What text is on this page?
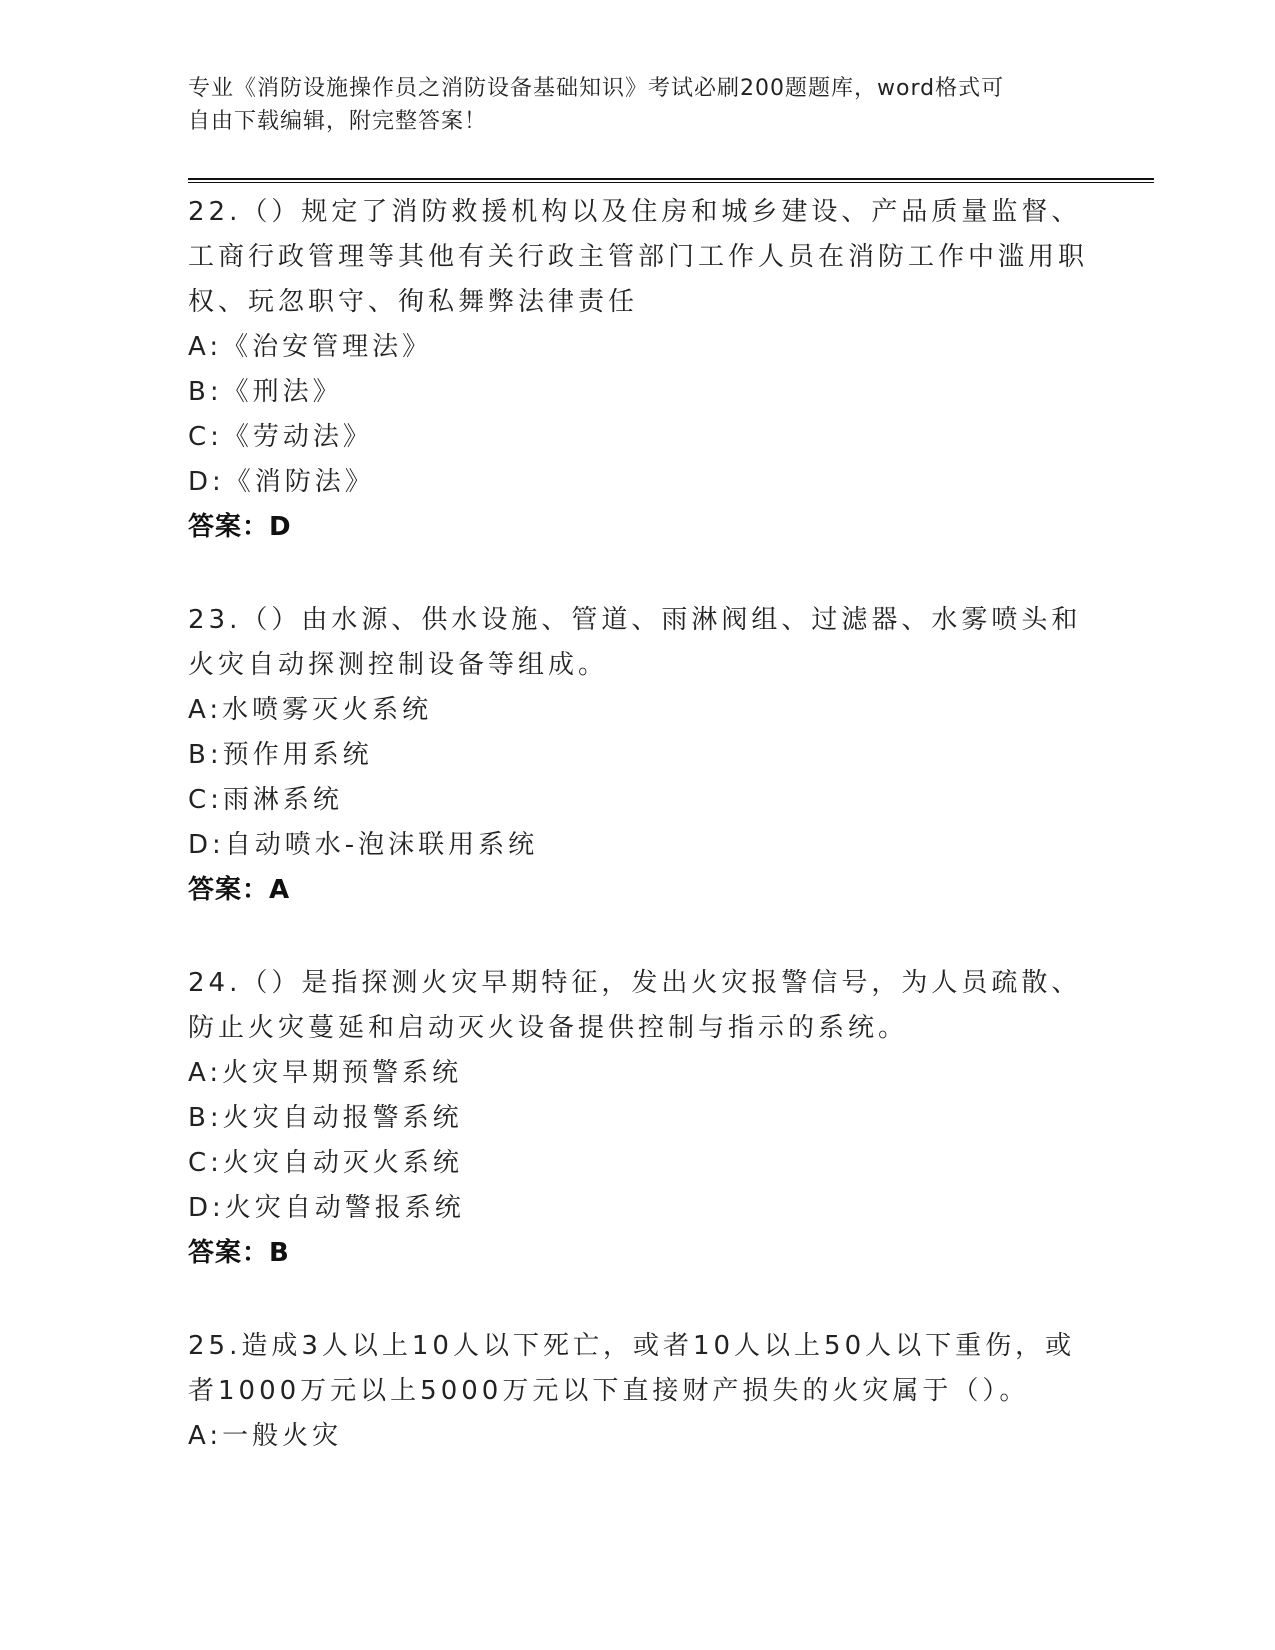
专业《消防设施操作员之消防设备基础知识》考试必刷200题题库，word格式可
自由下载编辑，附完整答案！
22.（）规定了消防救援机构以及住房和城乡建设、产品质量监督、工商行政管理等其他有关行政主管部门工作人员在消防工作中滥用职权、玩忽职守、徇私舞弊法律责任
A:《治安管理法》
B:《刑法》
C:《劳动法》
D:《消防法》
答案：D
23.（）由水源、供水设施、管道、雨淋阀组、过滤器、水雾喷头和火灾自动探测控制设备等组成。
A:水喷雾灭火系统
B:预作用系统
C:雨淋系统
D:自动喷水-泡沫联用系统
答案：A
24.（）是指探测火灾早期特征，发出火灾报警信号，为人员疏散、防止火灾蔓延和启动灭火设备提供控制与指示的系统。
A:火灾早期预警系统
B:火灾自动报警系统
C:火灾自动灭火系统
D:火灾自动警报系统
答案：B
25.造成3人以上10人以下死亡，或者10人以上50人以下重伤，或者1000万元以上5000万元以下直接财产损失的火灾属于（）。
A:一般火灾
